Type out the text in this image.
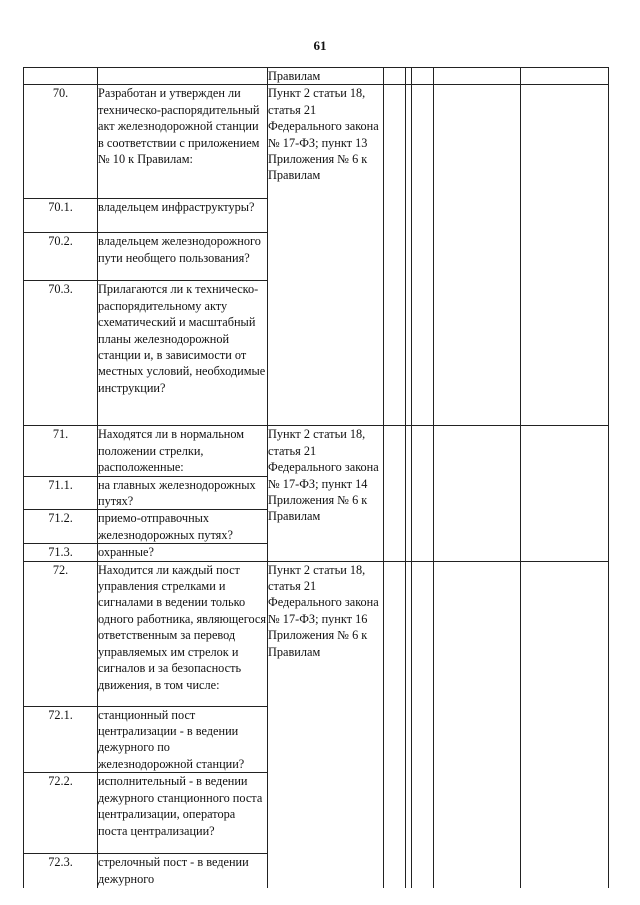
61
		Правилам					
70.	Разработан и утвержден ли техническо-распорядительный акт железнодорожной станции в соответствии с приложением № 10 к Правилам:	Пункт 2 статьи 18, статья 21 Федерального закона № 17-ФЗ; пункт 13 Приложения № 6 к Правилам					
70.1.	владельцем инфраструктуры?						
70.2.	владельцем железнодорожного пути необщего пользования?						
70.3.	Прилагаются ли к техническо-распорядительному акту схематический и масштабный планы железнодорожной станции и, в зависимости от местных условий, необходимые инструкции?						
71.	Находятся ли в нормальном положении стрелки, расположенные:	Пункт 2 статьи 18, статья 21 Федерального закона № 17-ФЗ; пункт 14 Приложения № 6 к Правилам					
71.1.	на главных железнодорожных путях?						
71.2.	приемо-отправочных железнодорожных путях?						
71.3.	охранные?						
72.	Находится ли каждый пост управления стрелками и сигналами в ведении только одного работника, являющегося ответственным за перевод управляемых им стрелок и сигналов и за безопасность движения, в том числе:	Пункт 2 статьи 18, статья 21 Федерального закона № 17-ФЗ; пункт 16 Приложения № 6 к Правилам					
72.1.	станционный пост централизации - в ведении дежурного по железнодорожной станции?						
72.2.	исполнительный - в ведении дежурного станционного поста централизации, оператора поста централизации?						
72.3.	стрелочный пост - в ведении дежурного						
